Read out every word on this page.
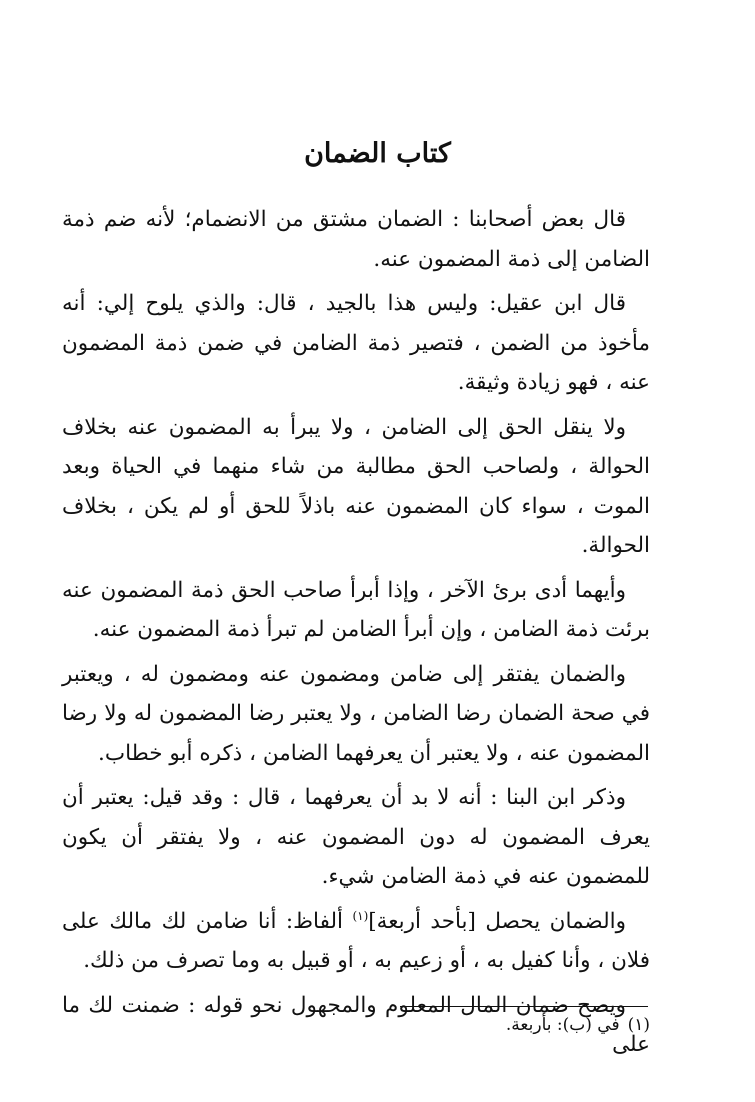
كتاب الضمان

قال بعض أصحابنا : الضمان مشتق من الانضمام؛ لأنه ضم ذمة الضامن إلى ذمة المضمون عنه.

قال ابن عقيل: وليس هذا بالجيد ، قال: والذي يلوح إلي: أنه مأخوذ من الضمن ، فتصير ذمة الضامن في ضمن ذمة المضمون عنه ، فهو زيادة وثيقة.

ولا ينقل الحق إلى الضامن ، ولا يبرأ به المضمون عنه بخلاف الحوالة ، ولصاحب الحق مطالبة من شاء منهما في الحياة وبعد الموت ، سواء كان المضمون عنه باذلاً للحق أو لم يكن ، بخلاف الحوالة.

وأيهما أدى برئ الآخر ، وإذا أبرأ صاحب الحق ذمة المضمون عنه برئت ذمة الضامن ، وإن أبرأ الضامن لم تبرأ ذمة المضمون عنه.

والضمان يفتقر إلى ضامن ومضمون عنه ومضمون له ، ويعتبر في صحة الضمان رضا الضامن ، ولا يعتبر رضا المضمون له ولا رضا المضمون عنه ، ولا يعتبر أن يعرفهما الضامن ، ذكره أبو خطاب.

وذكر ابن البنا : أنه لا بد أن يعرفهما ، قال : وقد قيل: يعتبر أن يعرف المضمون له دون المضمون عنه ، ولا يفتقر أن يكون للمضمون عنه في ذمة الضامن شيء.

والضمان يحصل [بأحد أربعة]$^{(١)}$ ألفاظ: أنا ضامن لك مالك على فلان ، وأنا كفيل به ، أو زعيم به ، أو قبيل به وما تصرف من ذلك.

ويصح ضمان المال المعلوم والمجهول نحو قوله : ضمنت لك ما على

(١)في (ب): بأربعة.
